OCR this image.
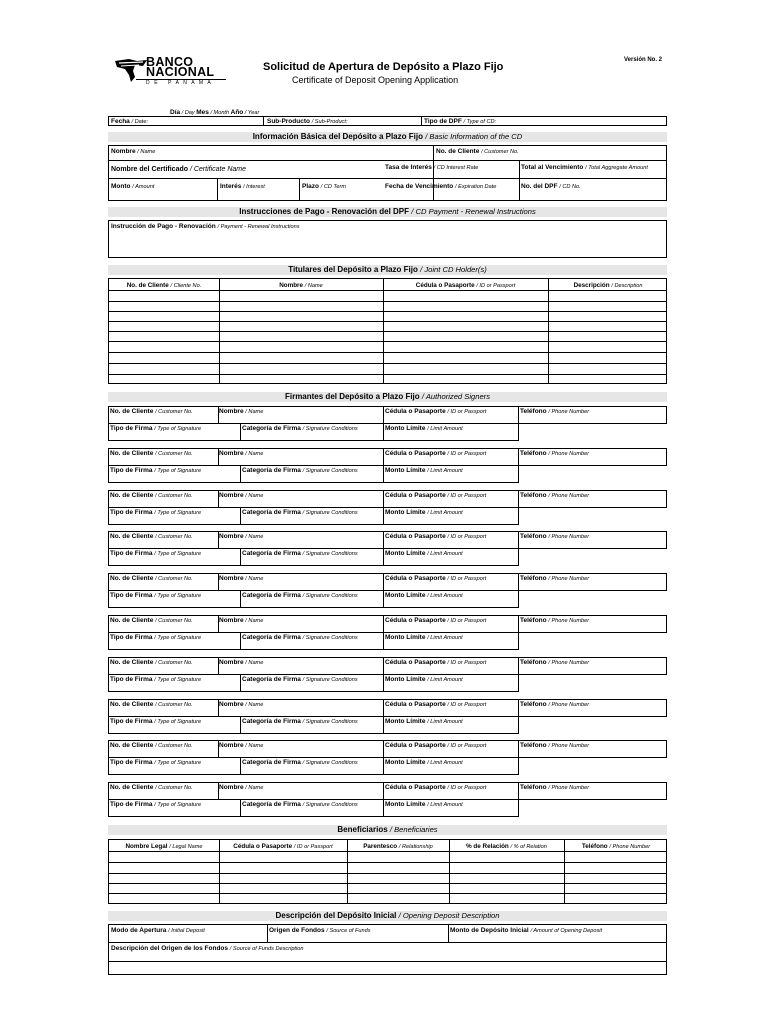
Versión No. 2
BANCO
NACIONAL
D E   P A N A M A
Solicitud de Apertura de Depósito a Plazo Fijo
Certificate of Deposit Opening Application
Día / Day Mes / Month Año / Year
Fecha / Date:	Sub-Producto / Sub-Product:	Tipo de DPF / Type of CD:
Información Básica del Depósito a Plazo Fijo / Basic Information of the CD
Nombre / Name	No. de Cliente / Customer No.
Nombre del Certificado / Certificate Name	Tasa de Interés / CD Interest Rate	Total al Vencimiento / Total Aggregate Amount
Monto / Amount	Interés / Interest	Plazo / CD Term	Fecha de Vencimiento / Expiration Date	No. del DPF / CD No.
Instrucciones de Pago - Renovación del DPF / CD Payment - Renewal Instructions
Instrucción de Pago - Renovación / Payment - Renewal Instructions
Titulares del Depósito a Plazo Fijo / Joint CD Holder(s)
No. de Cliente / Cliente No.	Nombre / Name	Cédula o Pasaporte / ID or Passport	Descripción / Description
Firmantes del Depósito a Plazo Fijo / Authorized Signers
No. de Cliente / Customer No.	Nombre / Name	Cédula o Pasaporte / ID or Passport	Teléfono / Phone Number
Tipo de Firma / Type of Signature	Categoría de Firma / Signature Conditions	Monto Límite / Limit Amount
No. de Cliente / Customer No.	Nombre / Name	Cédula o Pasaporte / ID or Passport	Teléfono / Phone Number
Tipo de Firma / Type of Signature	Categoría de Firma / Signature Conditions	Monto Límite / Limit Amount
No. de Cliente / Customer No.	Nombre / Name	Cédula o Pasaporte / ID or Passport	Teléfono / Phone Number
Tipo de Firma / Type of Signature	Categoría de Firma / Signature Conditions	Monto Límite / Limit Amount
No. de Cliente / Customer No.	Nombre / Name	Cédula o Pasaporte / ID or Passport	Teléfono / Phone Number
Tipo de Firma / Type of Signature	Categoría de Firma / Signature Conditions	Monto Límite / Limit Amount
No. de Cliente / Customer No.	Nombre / Name	Cédula o Pasaporte / ID or Passport	Teléfono / Phone Number
Tipo de Firma / Type of Signature	Categoría de Firma / Signature Conditions	Monto Límite / Limit Amount
No. de Cliente / Customer No.	Nombre / Name	Cédula o Pasaporte / ID or Passport	Teléfono / Phone Number
Tipo de Firma / Type of Signature	Categoría de Firma / Signature Conditions	Monto Límite / Limit Amount
No. de Cliente / Customer No.	Nombre / Name	Cédula o Pasaporte / ID or Passport	Teléfono / Phone Number
Tipo de Firma / Type of Signature	Categoría de Firma / Signature Conditions	Monto Límite / Limit Amount
No. de Cliente / Customer No.	Nombre / Name	Cédula o Pasaporte / ID or Passport	Teléfono / Phone Number
Tipo de Firma / Type of Signature	Categoría de Firma / Signature Conditions	Monto Límite / Limit Amount
No. de Cliente / Customer No.	Nombre / Name	Cédula o Pasaporte / ID or Passport	Teléfono / Phone Number
Tipo de Firma / Type of Signature	Categoría de Firma / Signature Conditions	Monto Límite / Limit Amount
No. de Cliente / Customer No.	Nombre / Name	Cédula o Pasaporte / ID or Passport	Teléfono / Phone Number
Tipo de Firma / Type of Signature	Categoría de Firma / Signature Conditions	Monto Límite / Limit Amount
Beneficiarios / Beneficiaries
Nombre Legal / Legal Name	Cédula o Pasaporte / ID or Passport	Parentesco / Relationship	% de Relación / % of Relation	Teléfono / Phone Number
Descripción del Depósito Inicial / Opening Deposit Description
Modo de Apertura / Initial Deposit	Origen de Fondos / Source of Funds	Monto de Depósito Inicial / Amount of Opening Deposit
Descripción del Origen de los Fondos / Source of Funds Description
